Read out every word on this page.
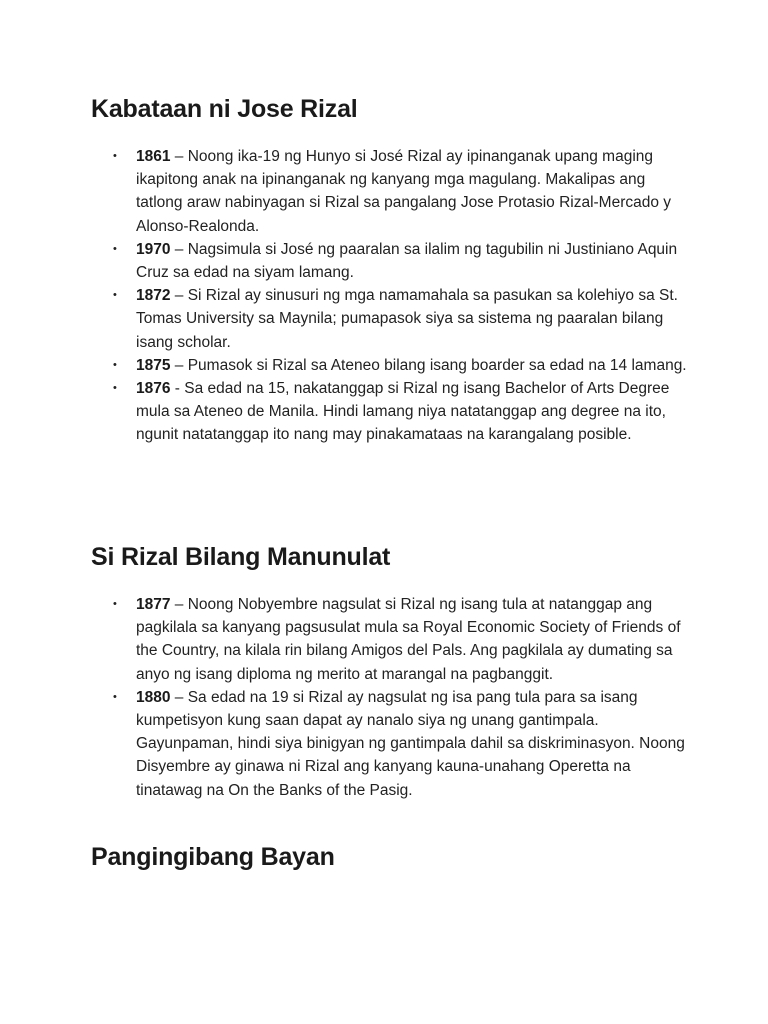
Kabataan ni Jose Rizal
• 1861 – Noong ika-19 ng Hunyo si José Rizal ay ipinanganak upang maging ikapitong anak na ipinanganak ng kanyang mga magulang. Makalipas ang tatlong araw nabinyagan si Rizal sa pangalang Jose Protasio Rizal-Mercado y Alonso-Realonda.
• 1970 – Nagsimula si José ng paaralan sa ilalim ng tagubilin ni Justiniano Aquin Cruz sa edad na siyam lamang.
• 1872 – Si Rizal ay sinusuri ng mga namamahala sa pasukan sa kolehiyo sa St. Tomas University sa Maynila; pumapasok siya sa sistema ng paaralan bilang isang scholar.
• 1875 – Pumasok si Rizal sa Ateneo bilang isang boarder sa edad na 14 lamang.
• 1876 - Sa edad na 15, nakatanggap si Rizal ng isang Bachelor of Arts Degree mula sa Ateneo de Manila. Hindi lamang niya natatanggap ang degree na ito, ngunit natatanggap ito nang may pinakamataas na karangalang posible.
Si Rizal Bilang Manunulat
• 1877 – Noong Nobyembre nagsulat si Rizal ng isang tula at natanggap ang pagkilala sa kanyang pagsusulat mula sa Royal Economic Society of Friends of the Country, na kilala rin bilang Amigos del Pals. Ang pagkilala ay dumating sa anyo ng isang diploma ng merito at marangal na pagbanggit.
• 1880 – Sa edad na 19 si Rizal ay nagsulat ng isa pang tula para sa isang kumpetisyon kung saan dapat ay nanalo siya ng unang gantimpala. Gayunpaman, hindi siya binigyan ng gantimpala dahil sa diskriminasyon. Noong Disyembre ay ginawa ni Rizal ang kanyang kauna-unahang Operetta na tinatawag na On the Banks of the Pasig.
Pangingibang Bayan
